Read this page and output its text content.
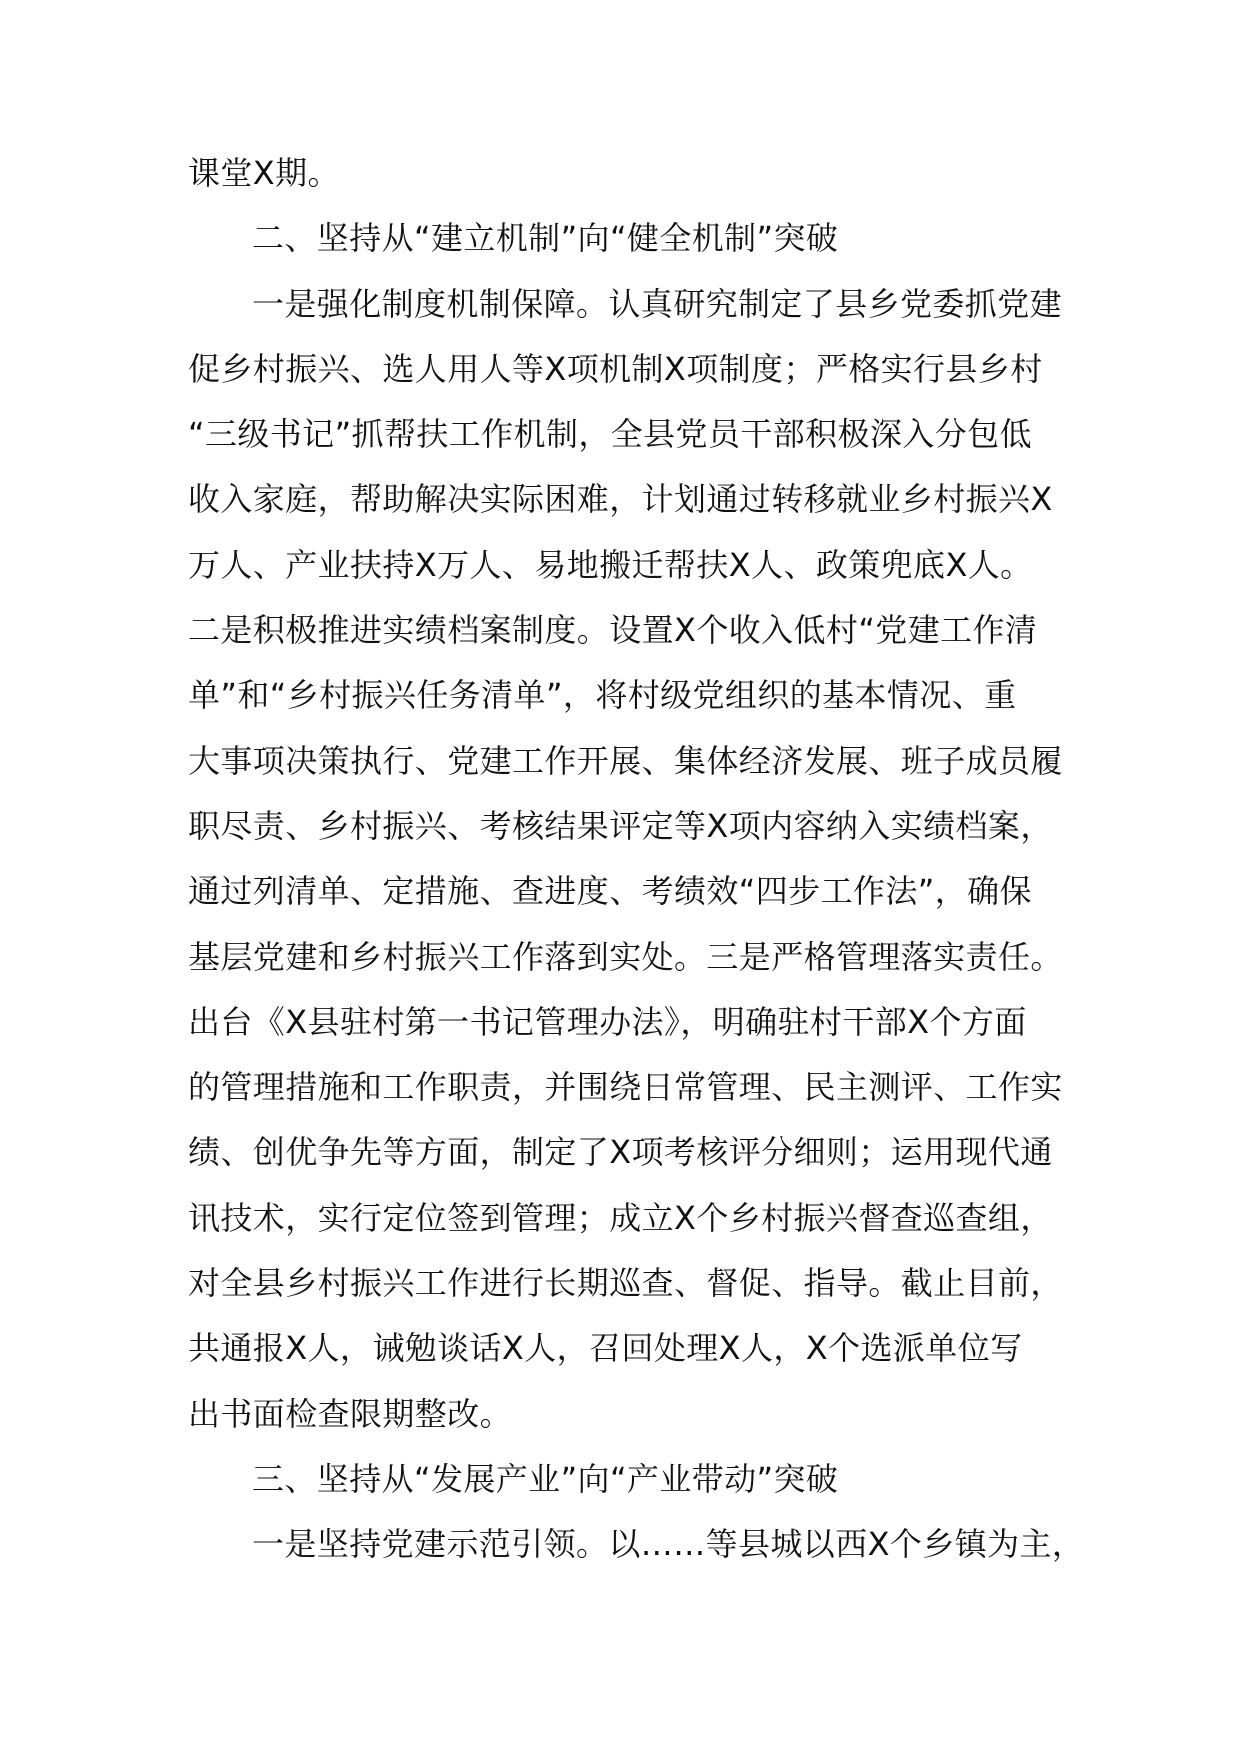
课堂X期。
二、坚持从“建立机制”向“健全机制”突破
一是强化制度机制保障。认真研究制定了县乡党委抓党建
促乡村振兴、选人用人等X项机制X项制度；严格实行县乡村
“三级书记”抓帮扶工作机制，全县党员干部积极深入分包低
收入家庭，帮助解决实际困难，计划通过转移就业乡村振兴X
万人、产业扶持X万人、易地搬迁帮扶X人、政策兜底X人。
二是积极推进实绩档案制度。设置X个收入低村“党建工作清
单”和“乡村振兴任务清单”，将村级党组织的基本情况、重
大事项决策执行、党建工作开展、集体经济发展、班子成员履
职尽责、乡村振兴、考核结果评定等X项内容纳入实绩档案，
通过列清单、定措施、查进度、考绩效“四步工作法”，确保
基层党建和乡村振兴工作落到实处。三是严格管理落实责任。
出台《X县驻村第一书记管理办法》，明确驻村干部X个方面
的管理措施和工作职责，并围绕日常管理、民主测评、工作实
绩、创优争先等方面，制定了X项考核评分细则；运用现代通
讯技术，实行定位签到管理；成立X个乡村振兴督查巡查组，
对全县乡村振兴工作进行长期巡查、督促、指导。截止目前，
共通报X人，诫勉谈话X人，召回处理X人，X个选派单位写
出书面检查限期整改。
三、坚持从“发展产业”向“产业带动”突破
一是坚持党建示范引领。以……等县城以西X个乡镇为主，
